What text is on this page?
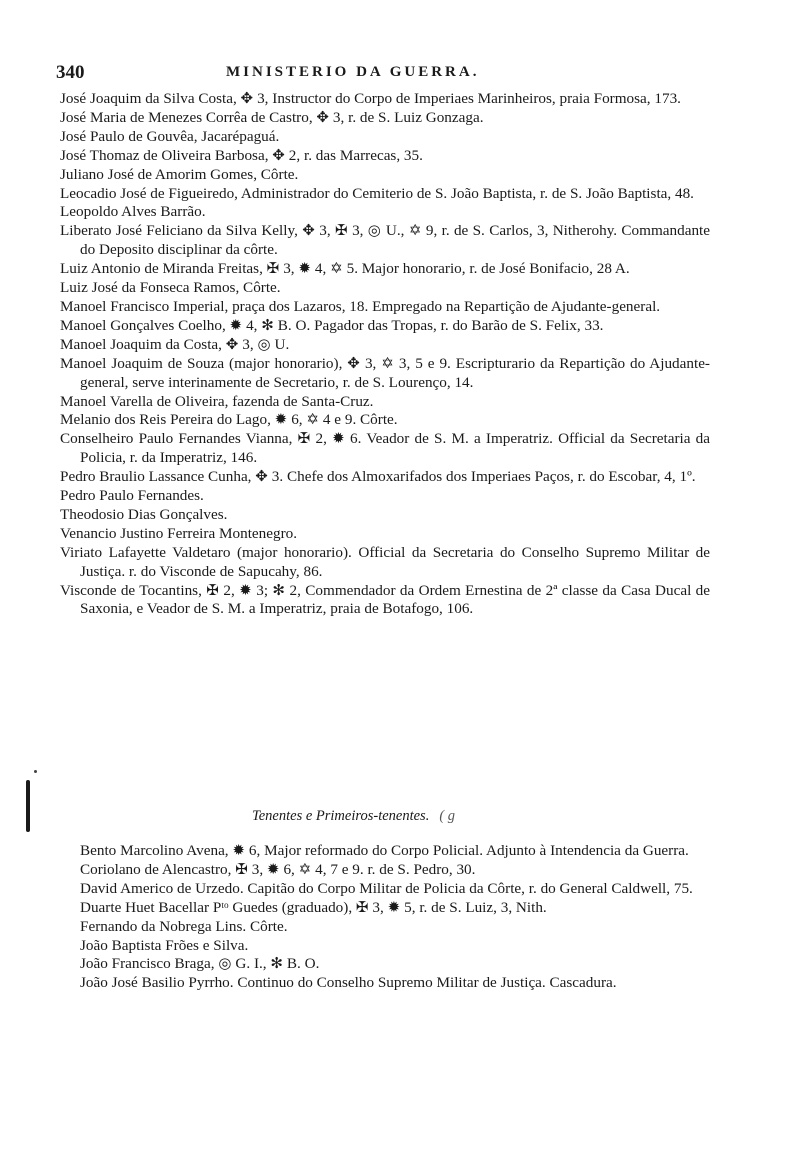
340	MINISTERIO DA GUERRA.

José Joaquim da Silva Costa, ✥ 3, Instructor do Corpo de Imperiaes Marinheiros, praia Formosa, 173.

José Maria de Menezes Corrêa de Castro, ✥ 3, r. de S. Luiz Gonzaga.

José Paulo de Gouvêa, Jacarépaguá.

José Thomaz de Oliveira Barbosa, ✥ 2, r. das Marrecas, 35.

Juliano José de Amorim Gomes, Côrte.

Leocadio José de Figueiredo, Administrador do Cemiterio de S. João Baptista, r. de S. João Baptista, 48.

Leopoldo Alves Barrão.

Liberato José Feliciano da Silva Kelly, ✥ 3, ✠ 3, ◎ U., ✡ 9, r. de S. Carlos, 3, Nitherohy. Commandante do Deposito disciplinar da côrte.

Luiz Antonio de Miranda Freitas, ✠ 3, ✹ 4, ✡ 5. Major honorario, r. de José Bonifacio, 28 A.

Luiz José da Fonseca Ramos, Côrte.

Manoel Francisco Imperial, praça dos Lazaros, 18. Empregado na Repartição de Ajudante-general.

Manoel Gonçalves Coelho, ✹ 4, ✻ B. O. Pagador das Tropas, r. do Barão de S. Felix, 33.

Manoel Joaquim da Costa, ✥ 3, ◎ U.

Manoel Joaquim de Souza (major honorario), ✥ 3, ✡ 3, 5 e 9. Escripturario da Repartição do Ajudante-general, serve interinamente de Secretario, r. de S. Lourenço, 14.

Manoel Varella de Oliveira, fazenda de Santa-Cruz.

Melanio dos Reis Pereira do Lago, ✹ 6, ✡ 4 e 9. Côrte.

Conselheiro Paulo Fernandes Vianna, ✠ 2, ✹ 6. Veador de S. M. a Imperatriz. Official da Secretaria da Policia, r. da Imperatriz, 146.

Pedro Braulio Lassance Cunha, ✥ 3. Chefe dos Almoxarifados dos Imperiaes Paços, r. do Escobar, 4, 1º.

Pedro Paulo Fernandes.

Theodosio Dias Gonçalves.

Venancio Justino Ferreira Montenegro.

Viriato Lafayette Valdetaro (major honorario). Official da Secretaria do Conselho Supremo Militar de Justiça. r. do Visconde de Sapucahy, 86.

Visconde de Tocantins, ✠ 2, ✹ 3; ✻ 2, Commendador da Ordem Ernestina de 2ª classe da Casa Ducal de Saxonia, e Veador de S. M. a Imperatriz, praia de Botafogo, 106.

Tenentes e Primeiros-tenentes. ( g

Bento Marcolino Avena, ✹ 6, Major reformado do Corpo Policial. Adjunto à Intendencia da Guerra.

Coriolano de Alencastro, ✠ 3, ✹ 6, ✡ 4, 7 e 9. r. de S. Pedro, 30.

David Americo de Urzedo. Capitão do Corpo Militar de Policia da Côrte, r. do General Caldwell, 75.

Duarte Huet Bacellar Pᵗᵒ Guedes (graduado), ✠ 3, ✹ 5, r. de S. Luiz, 3, Nith.

Fernando da Nobrega Lins. Côrte.

João Baptista Frões e Silva.

João Francisco Braga, ◎ G. I., ✻ B. O.

João José Basilio Pyrrho. Continuo do Conselho Supremo Militar de Justiça. Cascadura.
